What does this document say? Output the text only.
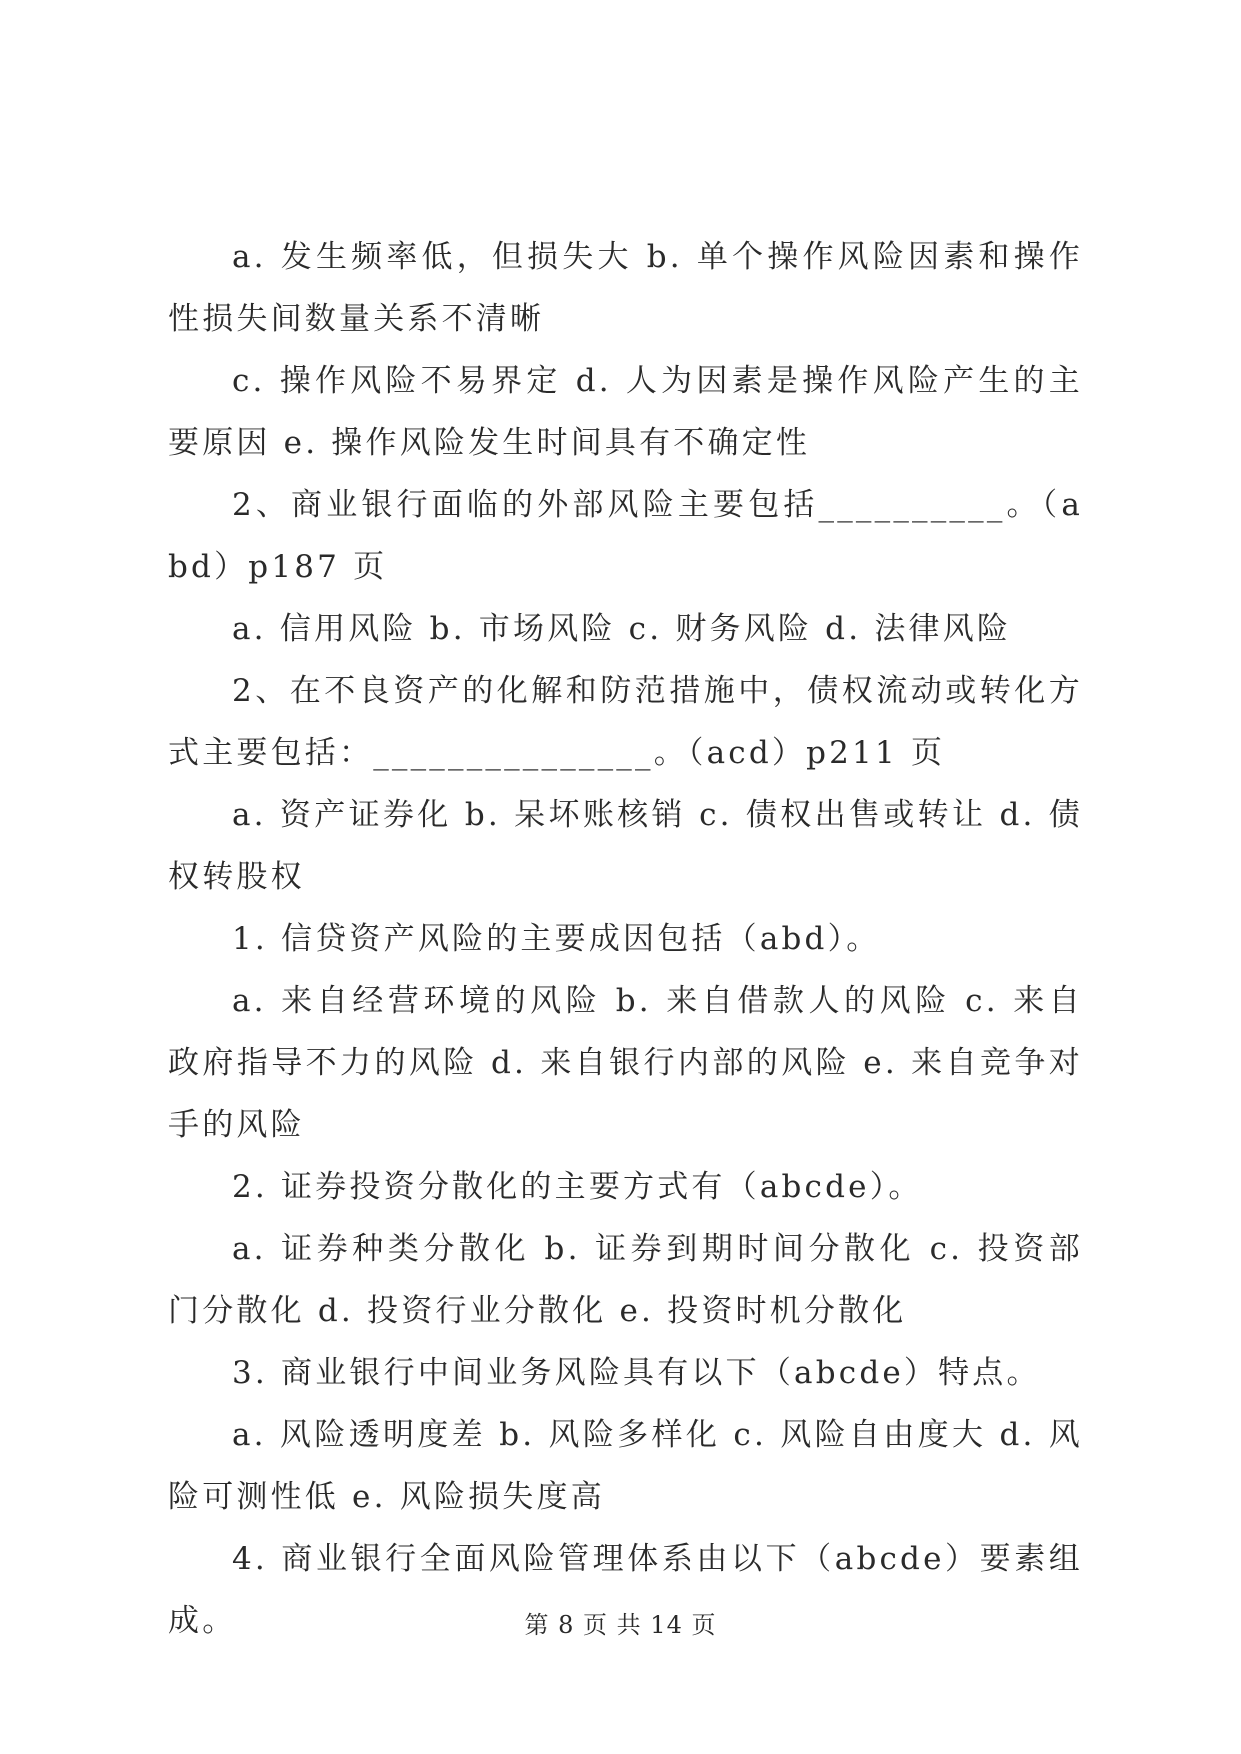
a. 发生频率低，但损失大 b. 单个操作风险因素和操作性损失间数量关系不清晰

c. 操作风险不易界定 d. 人为因素是操作风险产生的主要原因 e. 操作风险发生时间具有不确定性

2、商业银行面临的外部风险主要包括__________。（abd）p187 页

a. 信用风险 b. 市场风险 c. 财务风险 d. 法律风险

2、在不良资产的化解和防范措施中，债权流动或转化方式主要包括：_______________。（acd）p211 页

a. 资产证券化 b. 呆坏账核销 c. 债权出售或转让 d. 债权转股权

1. 信贷资产风险的主要成因包括（abd）。

a. 来自经营环境的风险 b. 来自借款人的风险 c. 来自政府指导不力的风险 d. 来自银行内部的风险 e. 来自竞争对手的风险

2. 证券投资分散化的主要方式有（abcde）。

a. 证券种类分散化 b. 证券到期时间分散化 c. 投资部门分散化 d. 投资行业分散化 e. 投资时机分散化

3. 商业银行中间业务风险具有以下（abcde）特点。

a. 风险透明度差 b. 风险多样化 c. 风险自由度大 d. 风险可测性低 e. 风险损失度高

4. 商业银行全面风险管理体系由以下（abcde）要素组成。	第 8 页 共 14 页
